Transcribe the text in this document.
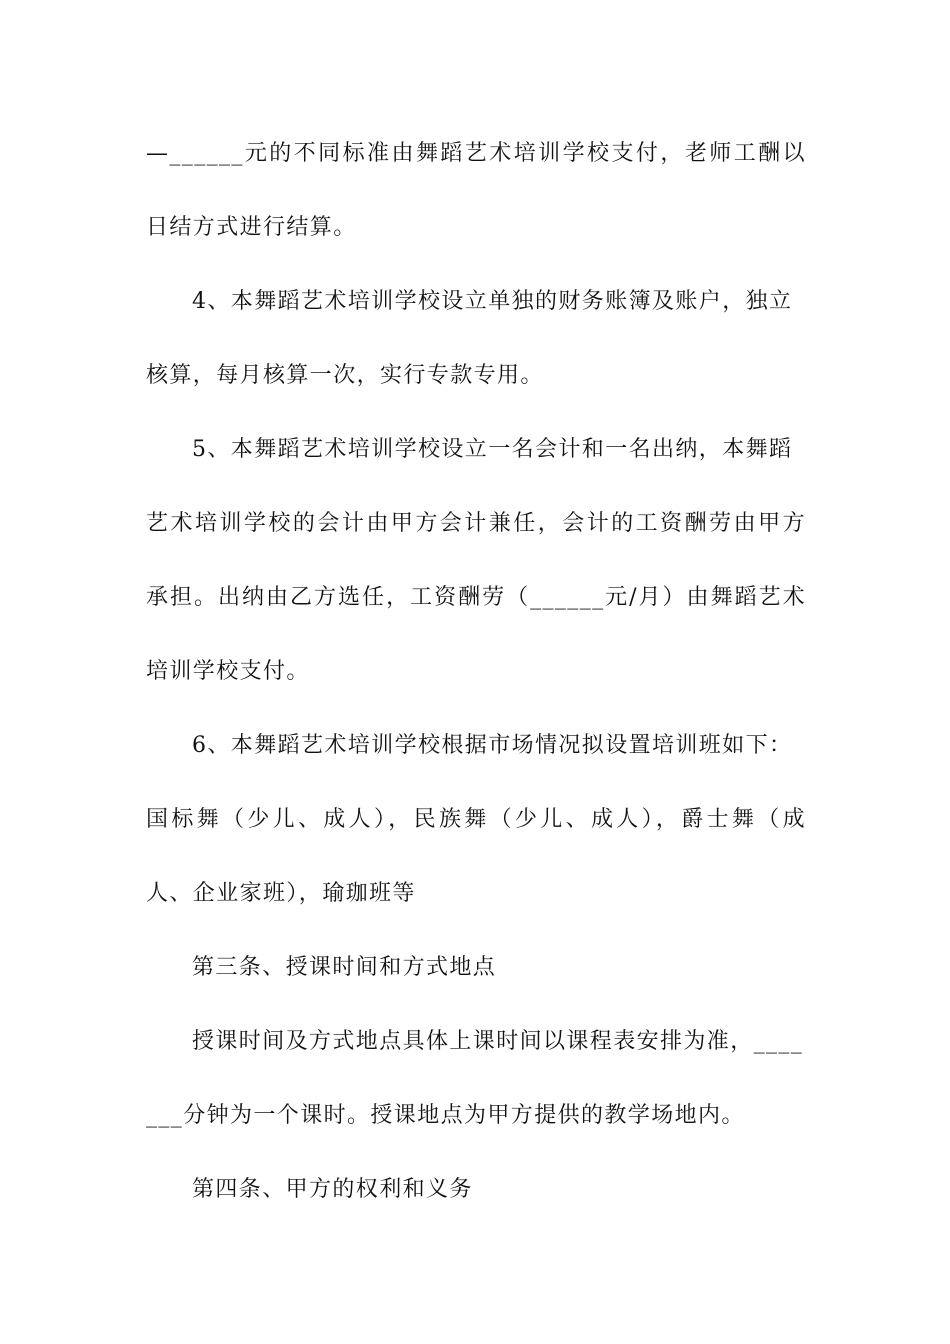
—______元的不同标准由舞蹈艺术培训学校支付，老师工酬以
日结方式进行结算。
4、本舞蹈艺术培训学校设立单独的财务账簿及账户，独立
核算，每月核算一次，实行专款专用。
5、本舞蹈艺术培训学校设立一名会计和一名出纳，本舞蹈
艺术培训学校的会计由甲方会计兼任，会计的工资酬劳由甲方
承担。出纳由乙方选任，工资酬劳（______元/月）由舞蹈艺术
培训学校支付。
6、本舞蹈艺术培训学校根据市场情况拟设置培训班如下：
国标舞（少儿、成人），民族舞（少儿、成人），爵士舞（成
人、企业家班），瑜珈班等
第三条、授课时间和方式地点
授课时间及方式地点具体上课时间以课程表安排为准，____
___分钟为一个课时。授课地点为甲方提供的教学场地内。
第四条、甲方的权利和义务
